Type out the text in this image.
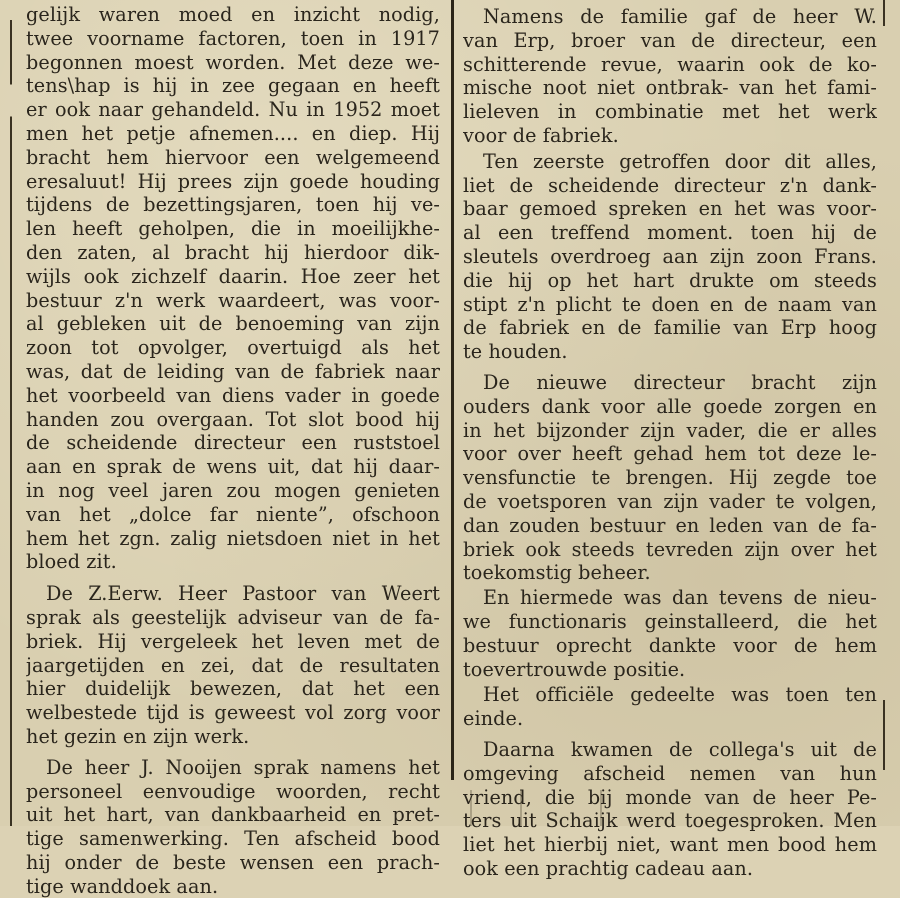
gelijk waren moed en inzicht nodig,
twee voorname factoren, toen in 1917
begonnen moest worden. Met deze we-
tens\hap is hij in zee gegaan en heeft
er ook naar gehandeld. Nu in 1952 moet
men het petje afnemen.... en diep. Hij
bracht hem hiervoor een welgemeend
eresaluut! Hij prees zijn goede houding
tijdens de bezettingsjaren, toen hij ve-
len heeft geholpen, die in moeilijkhe-
den zaten, al bracht hij hierdoor dik-
wijls ook zichzelf daarin. Hoe zeer het
bestuur z'n werk waardeert, was voor-
al gebleken uit de benoeming van zijn
zoon tot opvolger, overtuigd als het
was, dat de leiding van de fabriek naar
het voorbeeld van diens vader in goede
handen zou overgaan. Tot slot bood hij
de scheidende directeur een ruststoel
aan en sprak de wens uit, dat hij daar-
in nog veel jaren zou mogen genieten
van het „dolce far niente”, ofschoon
hem het zgn. zalig nietsdoen niet in het
bloed zit.
De Z.Eerw. Heer Pastoor van Weert
sprak als geestelijk adviseur van de fa-
briek. Hij vergeleek het leven met de
jaargetijden en zei, dat de resultaten
hier duidelijk bewezen, dat het een
welbestede tijd is geweest vol zorg voor
het gezin en zijn werk.
De heer J. Nooijen sprak namens het
personeel eenvoudige woorden, recht
uit het hart, van dankbaarheid en pret-
tige samenwerking. Ten afscheid bood
hij onder de beste wensen een prach-
tige wanddoek aan.
Namens de familie gaf de heer W.
van Erp, broer van de directeur, een
schitterende revue, waarin ook de ko-
mische noot niet ontbrak- van het fami-
lieleven in combinatie met het werk
voor de fabriek.
Ten zeerste getroffen door dit alles,
liet de scheidende directeur z'n dank-
baar gemoed spreken en het was voor-
al een treffend moment. toen hij de
sleutels overdroeg aan zijn zoon Frans.
die hij op het hart drukte om steeds
stipt z'n plicht te doen en de naam van
de fabriek en de familie van Erp hoog
te houden.
De nieuwe directeur bracht zijn
ouders dank voor alle goede zorgen en
in het bijzonder zijn vader, die er alles
voor over heeft gehad hem tot deze le-
vensfunctie te brengen. Hij zegde toe
de voetsporen van zijn vader te volgen,
dan zouden bestuur en leden van de fa-
briek ook steeds tevreden zijn over het
toekomstig beheer.
En hiermede was dan tevens de nieu-
we functionaris geinstalleerd, die het
bestuur oprecht dankte voor de hem
toevertrouwde positie.
Het officiële gedeelte was toen ten
einde.
Daarna kwamen de collega's uit de
omgeving afscheid nemen van hun
vriend, die bij monde van de heer Pe-
ters uit Schaijk werd toegesproken. Men
liet het hierbij niet, want men bood hem
ook een prachtig cadeau aan.
